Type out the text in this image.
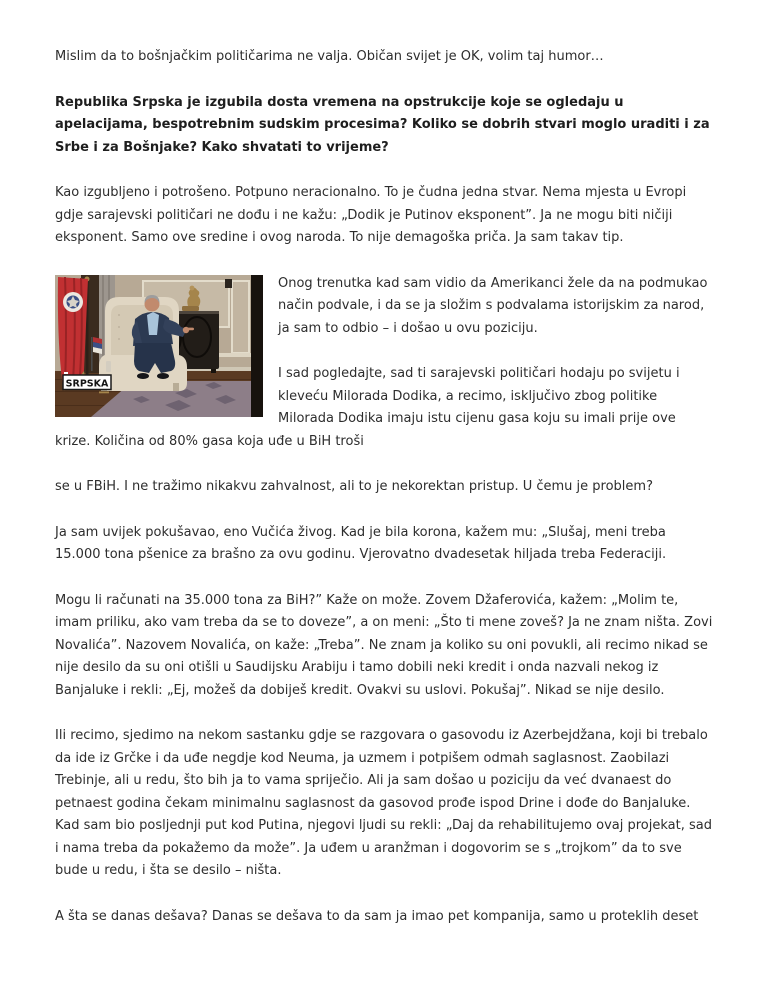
Mislim da to bošnjačkim političarima ne valja. Običan svijet je OK, volim taj humor…

Republika Srpska je izgubila dosta vremena na opstrukcije koje se ogledaju u apelacijama, bespotrebnim sudskim procesima? Koliko se dobrih stvari moglo uraditi i za Srbe i za Bošnjake? Kako shvatati to vrijeme?

Kao izgubljeno i potrošeno. Potpuno neracionalno. To je čudna jedna stvar. Nema mjesta u Evropi gdje sarajevski političari ne dođu i ne kažu: „Dodik je Putinov eksponent”. Ja ne mogu biti ničiji eksponent. Samo ove sredine i ovog naroda. To nije demagoška priča. Ja sam takav tip.

SRPSKA

Onog trenutka kad sam vidio da Amerikanci žele da na podmukao način podvale, i da se ja složim s podvalama istorijskim za narod, ja sam to odbio – i došao u ovu poziciju.

I sad pogledajte, sad ti sarajevski političari hodaju po svijetu i kleveću Milorada Dodika, a recimo, isključivo zbog politike Milorada Dodika imaju istu cijenu gasa koju su imali prije ove krize. Količina od 80% gasa koja uđe u BiH troši

se u FBiH. I ne tražimo nikakvu zahvalnost, ali to je nekorektan pristup. U čemu je problem?

Ja sam uvijek pokušavao, eno Vučića živog. Kad je bila korona, kažem mu: „Slušaj, meni treba 15.000 tona pšenice za brašno za ovu godinu. Vjerovatno dvadesetak hiljada treba Federaciji.

Mogu li računati na 35.000 tona za BiH?” Kaže on može. Zovem Džaferovića, kažem: „Molim te, imam priliku, ako vam treba da se to doveze”, a on meni: „Što ti mene zoveš? Ja ne znam ništa. Zovi Novalića”. Nazovem Novalića, on kaže: „Treba”. Ne znam ja koliko su oni povukli, ali recimo nikad se nije desilo da su oni otišli u Saudijsku Arabiju i tamo dobili neki kredit i onda nazvali nekog iz Banjaluke i rekli: „Ej, možeš da dobiješ kredit. Ovakvi su uslovi. Pokušaj”. Nikad se nije desilo.

Ili recimo, sjedimo na nekom sastanku gdje se razgovara o gasovodu iz Azerbejdžana, koji bi trebalo da ide iz Grčke i da uđe negdje kod Neuma, ja uzmem i potpišem odmah saglasnost. Zaobilazi Trebinje, ali u redu, što bih ja to vama spriječio. Ali ja sam došao u poziciju da već dvanaest do petnaest godina čekam minimalnu saglasnost da gasovod prođe ispod Drine i dođe do Banjaluke. Kad sam bio posljednji put kod Putina, njegovi ljudi su rekli: „Daj da rehabilitujemo ovaj projekat, sad i nama treba da pokažemo da može”. Ja uđem u aranžman i dogovorim se s „trojkom” da to sve bude u redu, i šta se desilo – ništa.

A šta se danas dešava? Danas se dešava to da sam ja imao pet kompanija, samo u proteklih deset
